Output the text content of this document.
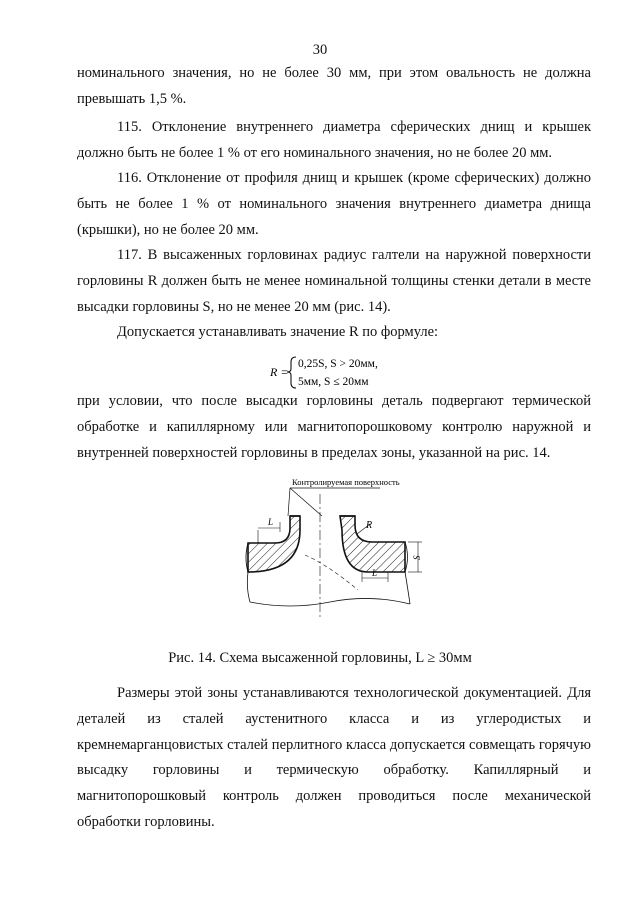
30

номинального значения, но не более 30 мм, при этом овальность не должна превышать 1,5 %.

115. Отклонение внутреннего диаметра сферических днищ и крышек должно быть не более 1 % от его номинального значения, но не более 20 мм.

116. Отклонение от профиля днищ и крышек (кроме сферических) должно быть не более 1 % от номинального значения внутреннего диаметра днища (крышки), но не более 20 мм.

117. В высаженных горловинах радиус галтели на наружной поверхности горловины R должен быть не менее номинальной толщины стенки детали в месте высадки горловины S, но не менее 20 мм (рис. 14).

Допускается устанавливать значение R по формуле:

R =
0,25S, S > 20мм,
5мм, S ≤ 20мм

при условии, что после высадки горловины деталь подвергают термической обработке и капиллярному или магнитопорошковому контролю наружной и внутренней поверхностей горловины в пределах зоны, указанной на рис. 14.

Контролируемая поверхность
L
L
R
S
Рис. 14. Схема высаженной горловины, L ≥ 30мм

Размеры этой зоны устанавливаются технологической документацией. Для деталей из сталей аустенитного класса и из углеродистых и кремнемарганцовистых сталей перлитного класса допускается совмещать горячую высадку горловины и термическую обработку. Капиллярный и магнитопорошковый контроль должен проводиться после механической обработки горловины.
